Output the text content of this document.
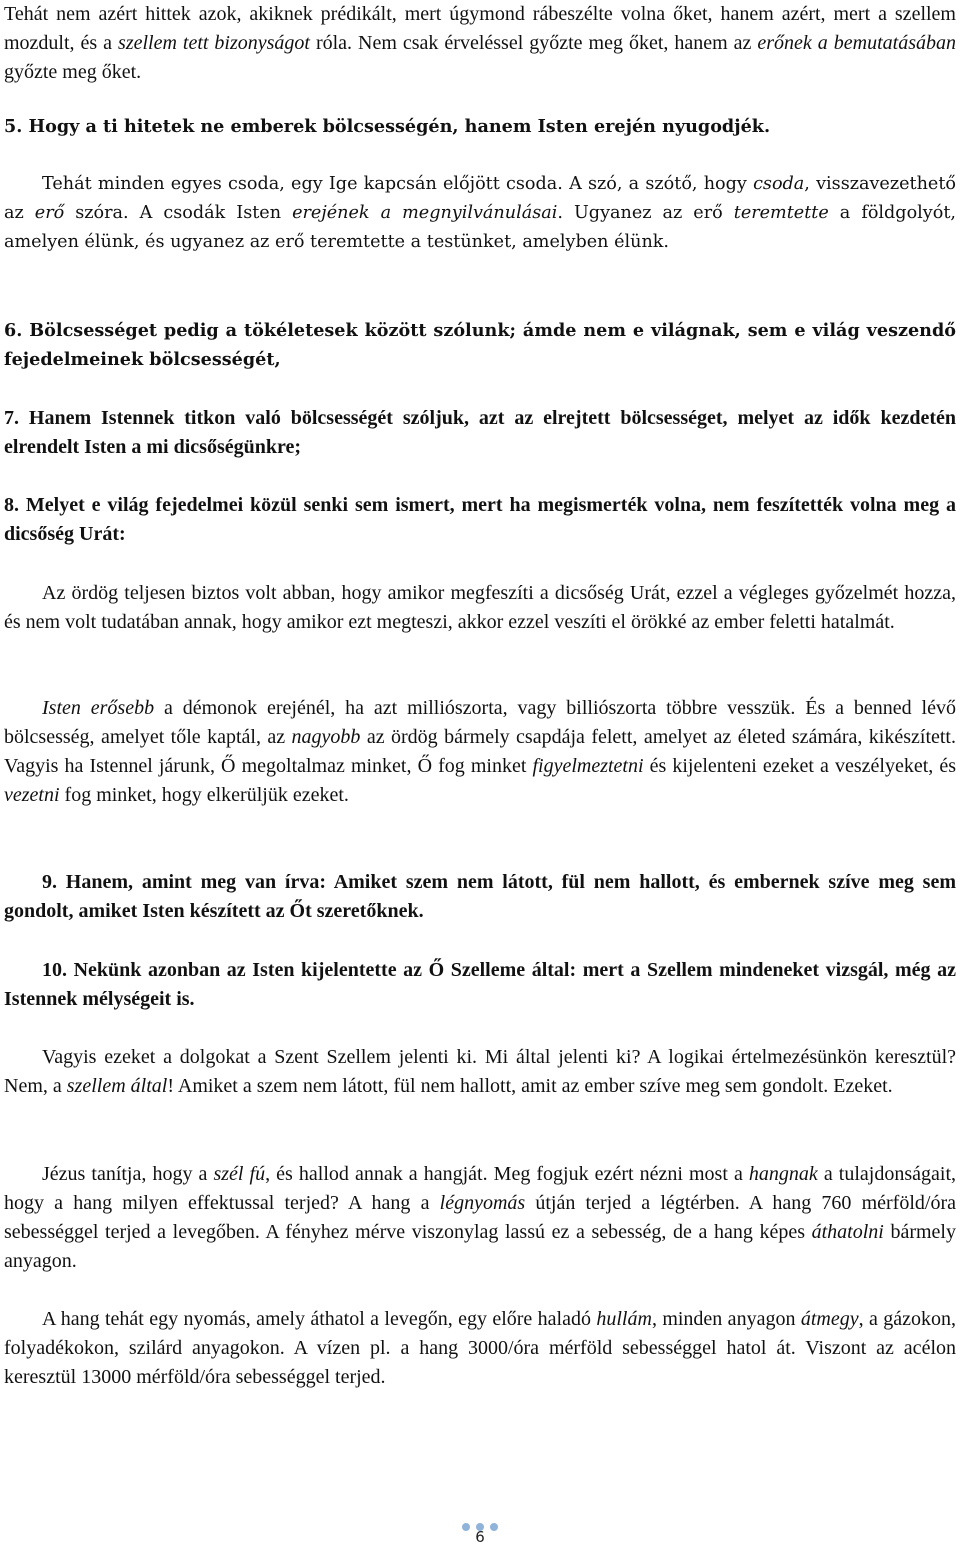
Tehát nem azért hittek azok, akiknek prédikált, mert úgymond rábeszélte volna őket, hanem azért, mert a szellem mozdult, és a szellem tett bizonyságot róla. Nem csak érveléssel győzte meg őket, hanem az erőnek a bemutatásában győzte meg őket.

5. Hogy a ti hitetek ne emberek bölcsességén, hanem Isten erején nyugodjék.

Tehát minden egyes csoda, egy Ige kapcsán előjött csoda. A szó, a szótő, hogy csoda, visszavezethető az erő szóra. A csodák Isten erejének a megnyilvánulásai. Ugyanez az erő teremtette a földgolyót, amelyen élünk, és ugyanez az erő teremtette a testünket, amelyben élünk.

6. Bölcsességet pedig a tökéletesek között szólunk; ámde nem e világnak, sem e világ veszendő fejedelmeinek bölcsességét,

7. Hanem Istennek titkon való bölcsességét szóljuk, azt az elrejtett bölcsességet, melyet az idők kezdetén elrendelt Isten a mi dicsőségünkre;

8. Melyet e világ fejedelmei közül senki sem ismert, mert ha megismerték volna, nem feszítették volna meg a dicsőség Urát:

Az ördög teljesen biztos volt abban, hogy amikor megfeszíti a dicsőség Urát, ezzel a végleges győzelmét hozza, és nem volt tudatában annak, hogy amikor ezt megteszi, akkor ezzel veszíti el örökké az ember feletti hatalmát.

Isten erősebb a démonok erejénél, ha azt milliószorta, vagy billiószorta többre vesszük. És a benned lévő bölcsesség, amelyet tőle kaptál, az nagyobb az ördög bármely csapdája felett, amelyet az életed számára, kikészített. Vagyis ha Istennel járunk, Ő megoltalmaz minket, Ő fog minket figyelmeztetni és kijelenteni ezeket a veszélyeket, és vezetni fog minket, hogy elkerüljük ezeket.

9. Hanem, amint meg van írva: Amiket szem nem látott, fül nem hallott, és embernek szíve meg sem gondolt, amiket Isten készített az Őt szeretőknek.

10. Nekünk azonban az Isten kijelentette az Ő Szelleme által: mert a Szellem mindeneket vizsgál, még az Istennek mélységeit is.

Vagyis ezeket a dolgokat a Szent Szellem jelenti ki. Mi által jelenti ki? A logikai értelmezésünkön keresztül? Nem, a szellem által! Amiket a szem nem látott, fül nem hallott, amit az ember szíve meg sem gondolt. Ezeket.

Jézus tanítja, hogy a szél fú, és hallod annak a hangját. Meg fogjuk ezért nézni most a hangnak a tulajdonságait, hogy a hang milyen effektussal terjed? A hang a légnyomás útján terjed a légtérben. A hang 760 mérföld/óra sebességgel terjed a levegőben. A fényhez mérve viszonylag lassú ez a sebesség, de a hang képes áthatolni bármely anyagon.

A hang tehát egy nyomás, amely áthatol a levegőn, egy előre haladó hullám, minden anyagon átmegy, a gázokon, folyadékokon, szilárd anyagokon. A vízen pl. a hang 3000/óra mérföld sebességgel hatol át. Viszont az acélon keresztül 13000 mérföld/óra sebességgel terjed.

6
